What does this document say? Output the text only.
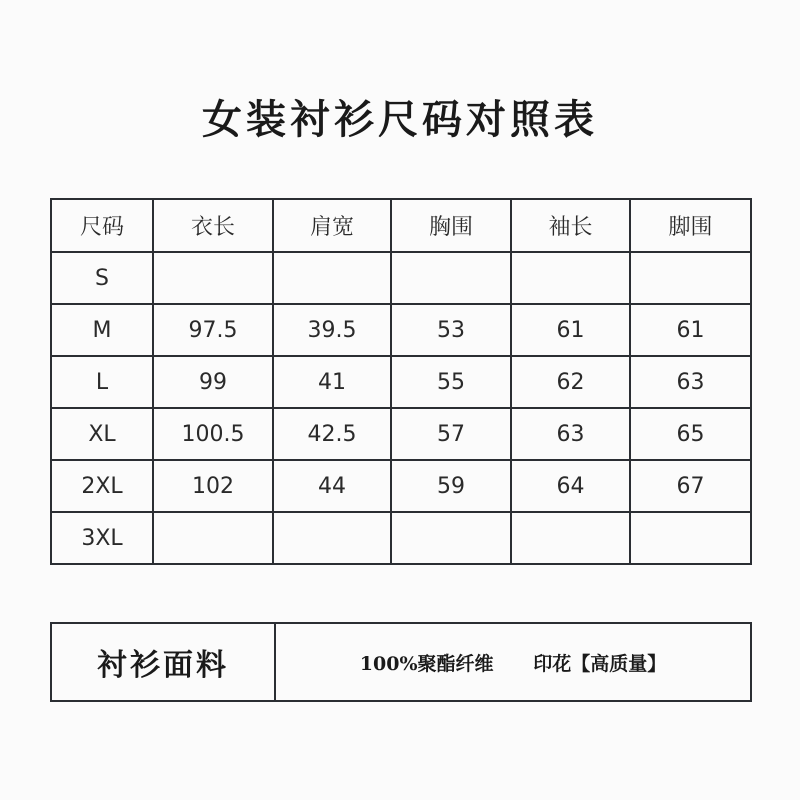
女装衬衫尺码对照表
尺码	衣长	肩宽	胸围	袖长	脚围
S					
M	97.5	39.5	53	61	61
L	99	41	55	62	63
XL	100.5	42.5	57	63	65
2XL	102	44	59	64	67
3XL					
衬衫面料	100%聚酯纤维 印花【高质量】
